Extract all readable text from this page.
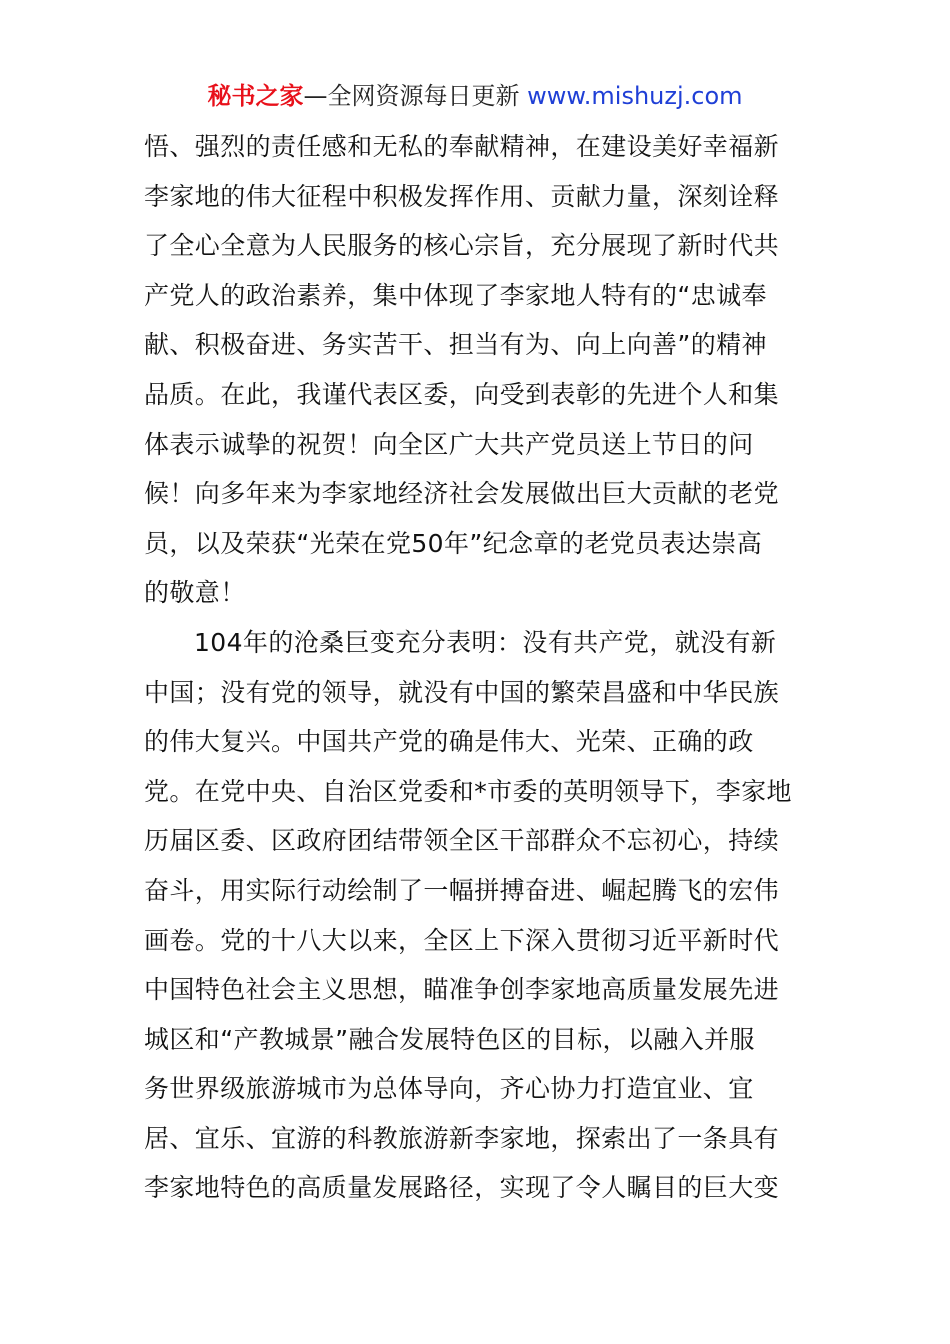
秘书之家—全网资源每日更新 www.mishuzj.com
悟、强烈的责任感和无私的奉献精神，在建设美好幸福新
李家地的伟大征程中积极发挥作用、贡献力量，深刻诠释
了全心全意为人民服务的核心宗旨，充分展现了新时代共
产党人的政治素养，集中体现了李家地人特有的“忠诚奉
献、积极奋进、务实苦干、担当有为、向上向善”的精神
品质。在此，我谨代表区委，向受到表彰的先进个人和集
体表示诚挚的祝贺！向全区广大共产党员送上节日的问
候！向多年来为李家地经济社会发展做出巨大贡献的老党
员，以及荣获“光荣在党50年”纪念章的老党员表达崇高
的敬意！
104年的沧桑巨变充分表明：没有共产党，就没有新
中国；没有党的领导，就没有中国的繁荣昌盛和中华民族
的伟大复兴。中国共产党的确是伟大、光荣、正确的政
党。在党中央、自治区党委和*市委的英明领导下，李家地
历届区委、区政府团结带领全区干部群众不忘初心，持续
奋斗，用实际行动绘制了一幅拼搏奋进、崛起腾飞的宏伟
画卷。党的十八大以来，全区上下深入贯彻习近平新时代
中国特色社会主义思想，瞄准争创李家地高质量发展先进
城区和“产教城景”融合发展特色区的目标，以融入并服
务世界级旅游城市为总体导向，齐心协力打造宜业、宜
居、宜乐、宜游的科教旅游新李家地，探索出了一条具有
李家地特色的高质量发展路径，实现了令人瞩目的巨大变
